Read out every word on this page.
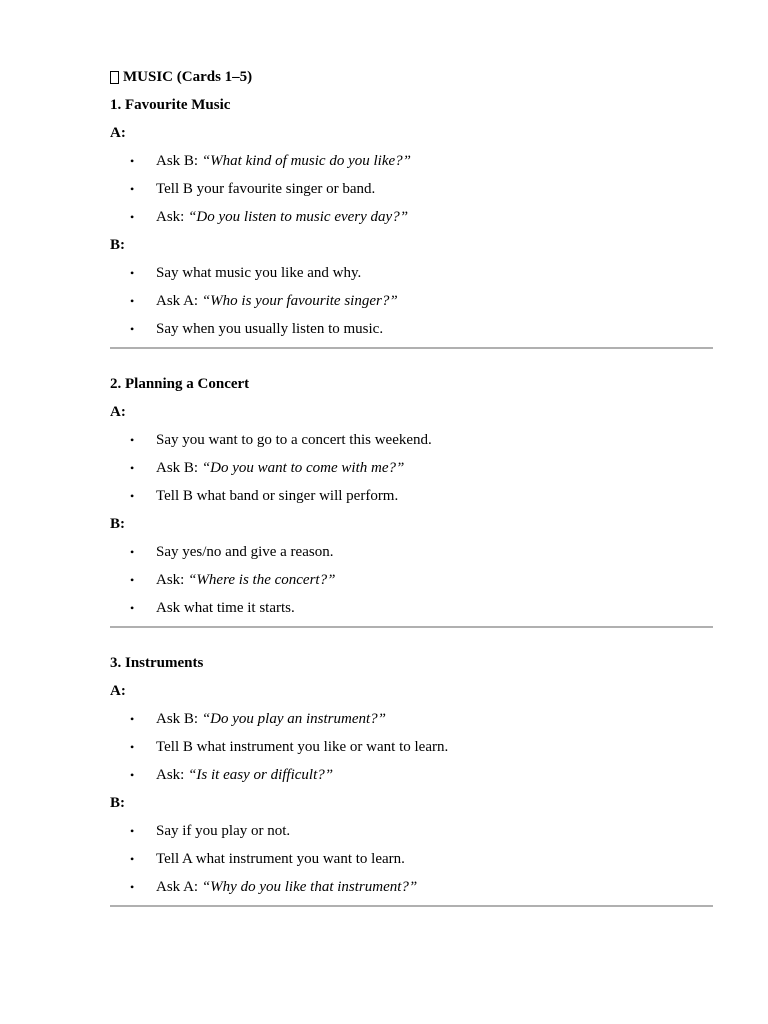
MUSIC (Cards 1–5)
1. Favourite Music
A:
• Ask B: “What kind of music do you like?”
• Tell B your favourite singer or band.
• Ask: “Do you listen to music every day?”
B:
• Say what music you like and why.
• Ask A: “Who is your favourite singer?”
• Say when you usually listen to music.
2. Planning a Concert
A:
• Say you want to go to a concert this weekend.
• Ask B: “Do you want to come with me?”
• Tell B what band or singer will perform.
B:
• Say yes/no and give a reason.
• Ask: “Where is the concert?”
• Ask what time it starts.
3. Instruments
A:
• Ask B: “Do you play an instrument?”
• Tell B what instrument you like or want to learn.
• Ask: “Is it easy or difficult?”
B:
• Say if you play or not.
• Tell A what instrument you want to learn.
• Ask A: “Why do you like that instrument?”
